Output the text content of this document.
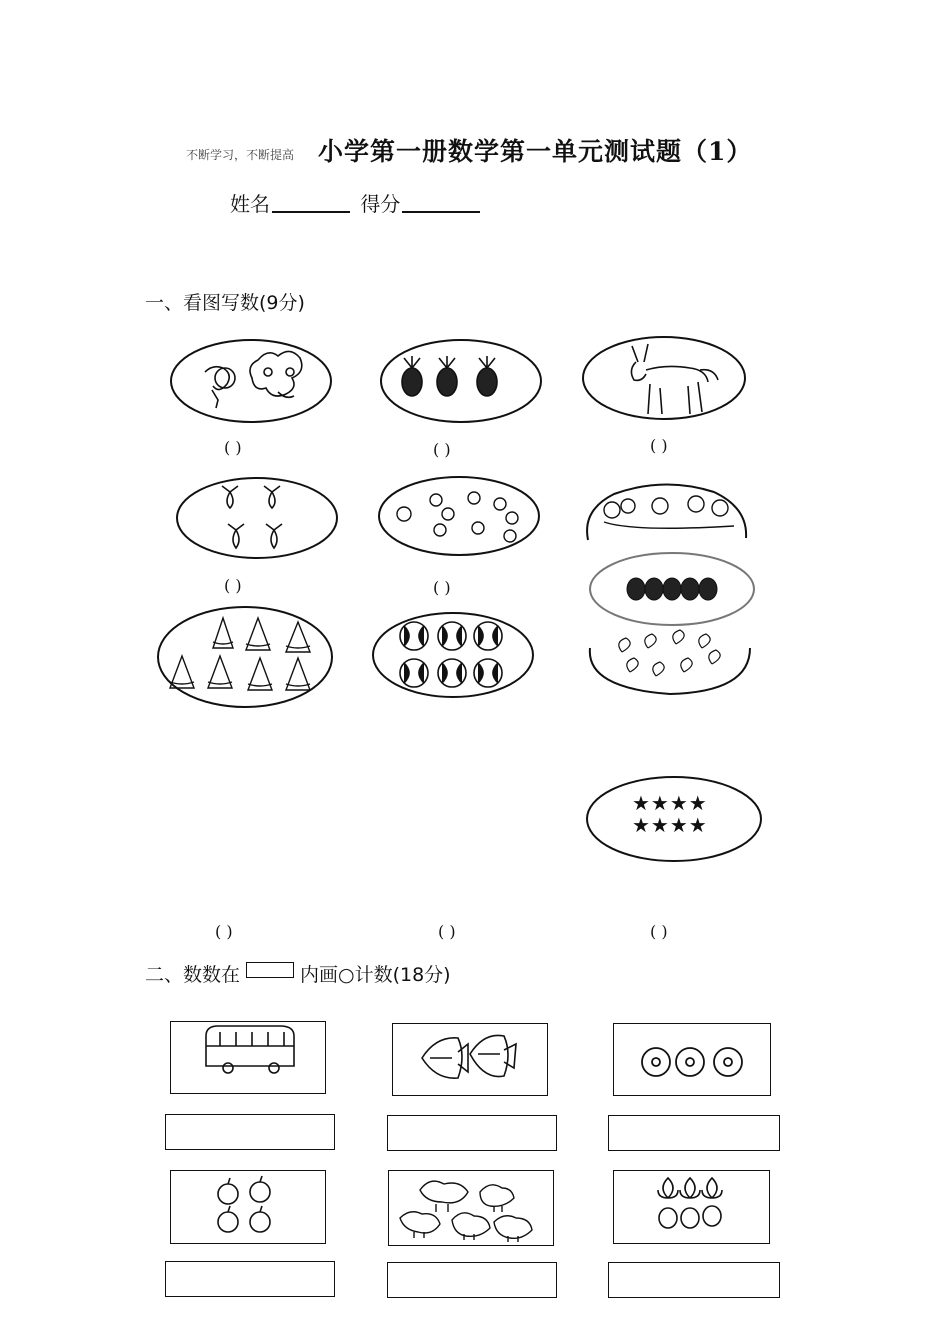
不断学习，不断提高 小学第一册数学第一单元测试题（1）
姓名	得分
一、看图写数(9分)
★★★★
★★★★
( )	( )	( )
( )	( )
( )	( )	( )
二、数数在	内画○计数(18分)
